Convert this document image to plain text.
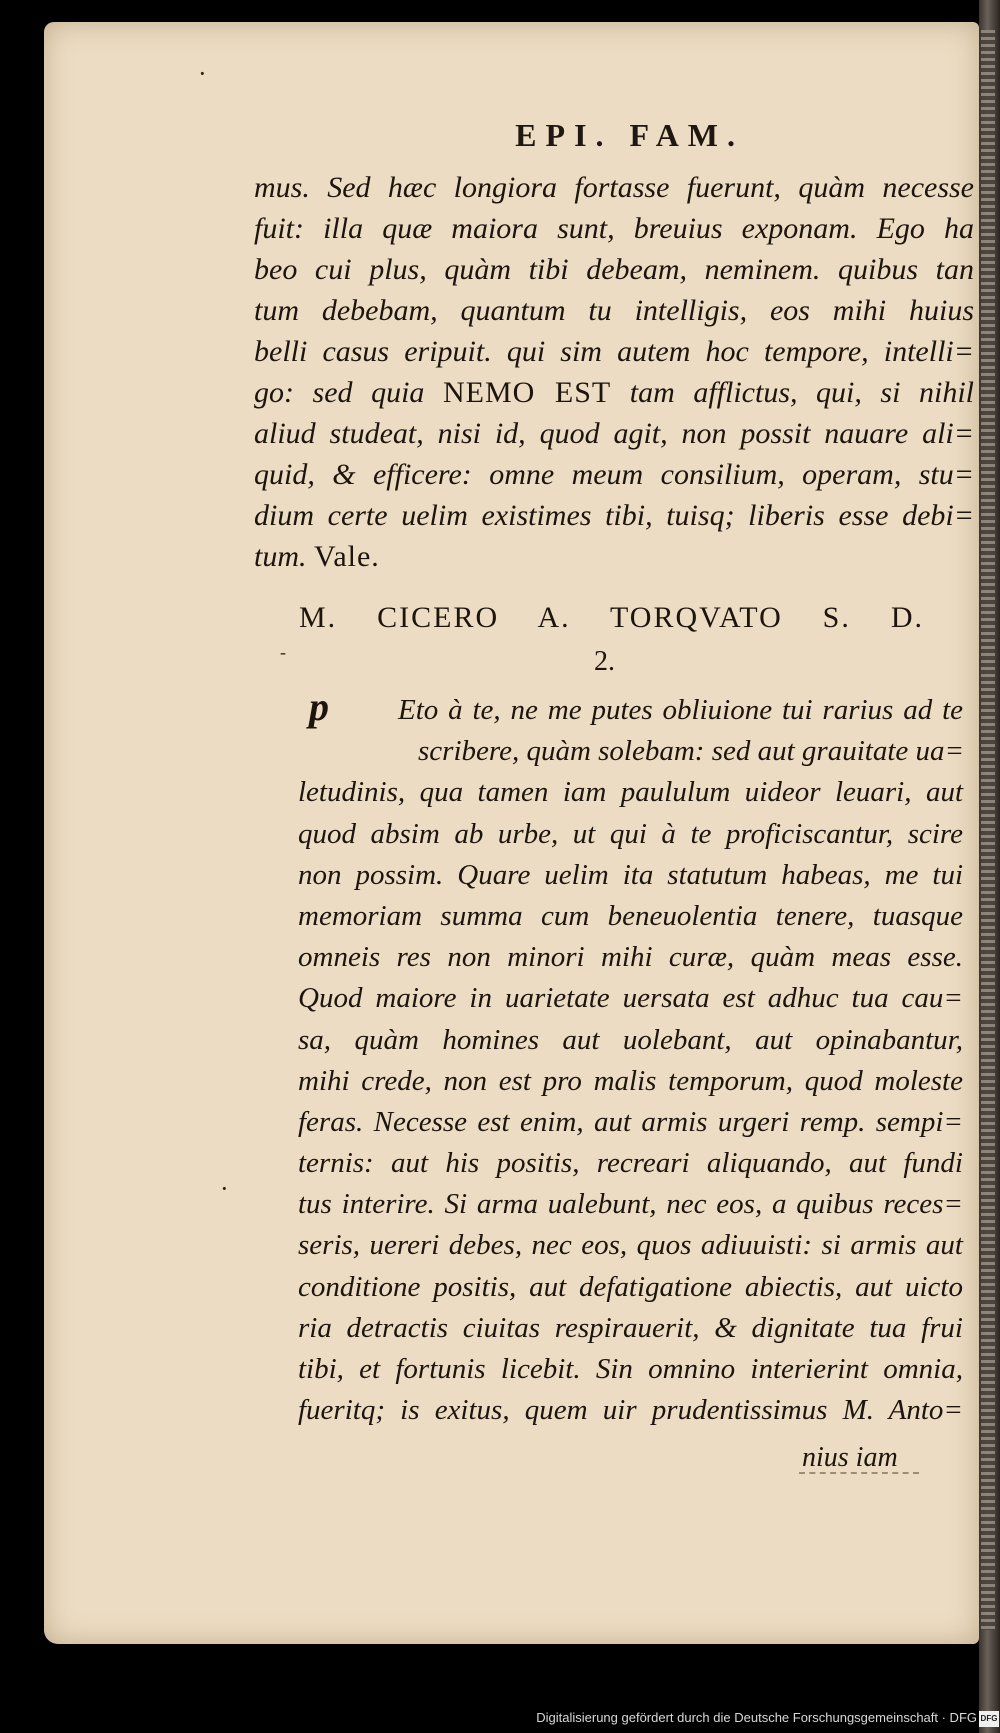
EPI. FAM.
mus. Sed hæc longiora fortasse fuerunt, quàm necesse
fuit: illa quæ maiora sunt, breuius exponam. Ego ha
beo cui plus, quàm tibi debeam, neminem. quibus tan
tum debebam, quantum tu intelligis, eos mihi huius
belli casus eripuit. qui sim autem hoc tempore, intelli=
go: sed quia NEMO EST tam afflictus, qui, si nihil
aliud studeat, nisi id, quod agit, non possit nauare ali=
quid, & efficere: omne meum consilium, operam, stu=
dium certe uelim existimes tibi, tuisq; liberis esse debi=
tum. Vale.
M. CICERO A. TORQVATO S. D.
2.
p	Eto à te, ne me putes obliuione tui rarius ad te
scribere, quàm solebam: sed aut grauitate ua=
letudinis, qua tamen iam paululum uideor leuari, aut
quod absim ab urbe, ut qui à te proficiscantur, scire
non possim. Quare uelim ita statutum habeas, me tui
memoriam summa cum beneuolentia tenere, tuasque
omneis res non minori mihi curæ, quàm meas esse.
Quod maiore in uarietate uersata est adhuc tua cau=
sa, quàm homines aut uolebant, aut opinabantur,
mihi crede, non est pro malis temporum, quod moleste
feras. Necesse est enim, aut armis urgeri remp. sempi=
ternis: aut his positis, recreari aliquando, aut fundi
tus interire. Si arma ualebunt, nec eos, a quibus reces=
seris, uereri debes, nec eos, quos adiuuisti: si armis aut
conditione positis, aut defatigatione abiectis, aut uicto
ria detractis ciuitas respirauerit, & dignitate tua frui
tibi, et fortunis licebit. Sin omnino interierint omnia,
fueritq; is exitus, quem uir prudentissimus M. Anto=
nius iam
·
·
-
Digitalisierung gefördert durch die Deutsche Forschungsgemeinschaft · DFG DFG
